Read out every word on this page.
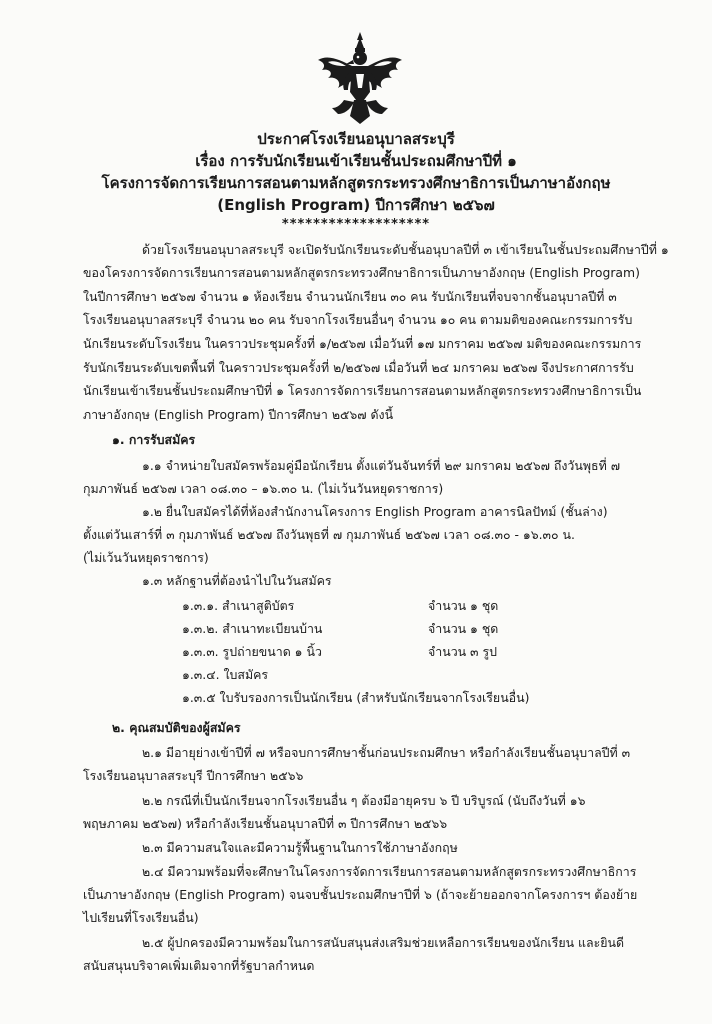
ประกาศโรงเรียนอนุบาลสระบุรี
เรื่อง การรับนักเรียนเข้าเรียนชั้นประถมศึกษาปีที่ ๑
โครงการจัดการเรียนการสอนตามหลักสูตรกระทรวงศึกษาธิการเป็นภาษาอังกฤษ
(English Program) ปีการศึกษา ๒๕๖๗
*******************
ด้วยโรงเรียนอนุบาลสระบุรี จะเปิดรับนักเรียนระดับชั้นอนุบาลปีที่ ๓ เข้าเรียนในชั้นประถมศึกษาปีที่ ๑
ของโครงการจัดการเรียนการสอนตามหลักสูตรกระทรวงศึกษาธิการเป็นภาษาอังกฤษ (English Program)
ในปีการศึกษา ๒๕๖๗ จำนวน ๑ ห้องเรียน จำนวนนักเรียน ๓๐ คน รับนักเรียนที่จบจากชั้นอนุบาลปีที่ ๓
โรงเรียนอนุบาลสระบุรี จำนวน ๒๐ คน รับจากโรงเรียนอื่นๆ จำนวน ๑๐ คน ตามมติของคณะกรรมการรับ
นักเรียนระดับโรงเรียน ในคราวประชุมครั้งที่ ๑/๒๕๖๗ เมื่อวันที่ ๑๗ มกราคม ๒๕๖๗ มติของคณะกรรมการ
รับนักเรียนระดับเขตพื้นที่ ในคราวประชุมครั้งที่ ๒/๒๕๖๗ เมื่อวันที่ ๒๔ มกราคม ๒๕๖๗ จึงประกาศการรับ
นักเรียนเข้าเรียนชั้นประถมศึกษาปีที่ ๑ โครงการจัดการเรียนการสอนตามหลักสูตรกระทรวงศึกษาธิการเป็น
ภาษาอังกฤษ (English Program) ปีการศึกษา ๒๕๖๗ ดังนี้
๑. การรับสมัคร
๑.๑ จำหน่ายใบสมัครพร้อมคู่มือนักเรียน ตั้งแต่วันจันทร์ที่ ๒๙ มกราคม ๒๕๖๗ ถึงวันพุธที่ ๗
กุมภาพันธ์ ๒๕๖๗ เวลา ๐๘.๓๐ – ๑๖.๓๐ น. (ไม่เว้นวันหยุดราชการ)
๑.๒ ยื่นใบสมัครได้ที่ห้องสำนักงานโครงการ English Program อาคารนิลปัทม์ (ชั้นล่าง)
ตั้งแต่วันเสาร์ที่ ๓ กุมภาพันธ์ ๒๕๖๗ ถึงวันพุธที่ ๗ กุมภาพันธ์ ๒๕๖๗ เวลา ๐๘.๓๐ - ๑๖.๓๐ น.
(ไม่เว้นวันหยุดราชการ)
๑.๓ หลักฐานที่ต้องนำไปในวันสมัคร
๑.๓.๑. สำเนาสูติบัตร	จำนวน ๑ ชุด
๑.๓.๒. สำเนาทะเบียนบ้าน	จำนวน ๑ ชุด
๑.๓.๓. รูปถ่ายขนาด ๑ นิ้ว	จำนวน ๓ รูป
๑.๓.๔. ใบสมัคร
๑.๓.๕ ใบรับรองการเป็นนักเรียน (สำหรับนักเรียนจากโรงเรียนอื่น)
๒. คุณสมบัติของผู้สมัคร
๒.๑ มีอายุย่างเข้าปีที่ ๗ หรือจบการศึกษาชั้นก่อนประถมศึกษา หรือกำลังเรียนชั้นอนุบาลปีที่ ๓
โรงเรียนอนุบาลสระบุรี ปีการศึกษา ๒๕๖๖
๒.๒ กรณีที่เป็นนักเรียนจากโรงเรียนอื่น ๆ ต้องมีอายุครบ ๖ ปี บริบูรณ์ (นับถึงวันที่ ๑๖
พฤษภาคม ๒๕๖๗) หรือกำลังเรียนชั้นอนุบาลปีที่ ๓ ปีการศึกษา ๒๕๖๖
๒.๓ มีความสนใจและมีความรู้พื้นฐานในการใช้ภาษาอังกฤษ
๒.๔ มีความพร้อมที่จะศึกษาในโครงการจัดการเรียนการสอนตามหลักสูตรกระทรวงศึกษาธิการ
เป็นภาษาอังกฤษ (English Program) จนจบชั้นประถมศึกษาปีที่ ๖ (ถ้าจะย้ายออกจากโครงการฯ ต้องย้าย
ไปเรียนที่โรงเรียนอื่น)
๒.๕ ผู้ปกครองมีความพร้อมในการสนับสนุนส่งเสริมช่วยเหลือการเรียนของนักเรียน และยินดี
สนับสนุนบริจาคเพิ่มเติมจากที่รัฐบาลกำหนด
